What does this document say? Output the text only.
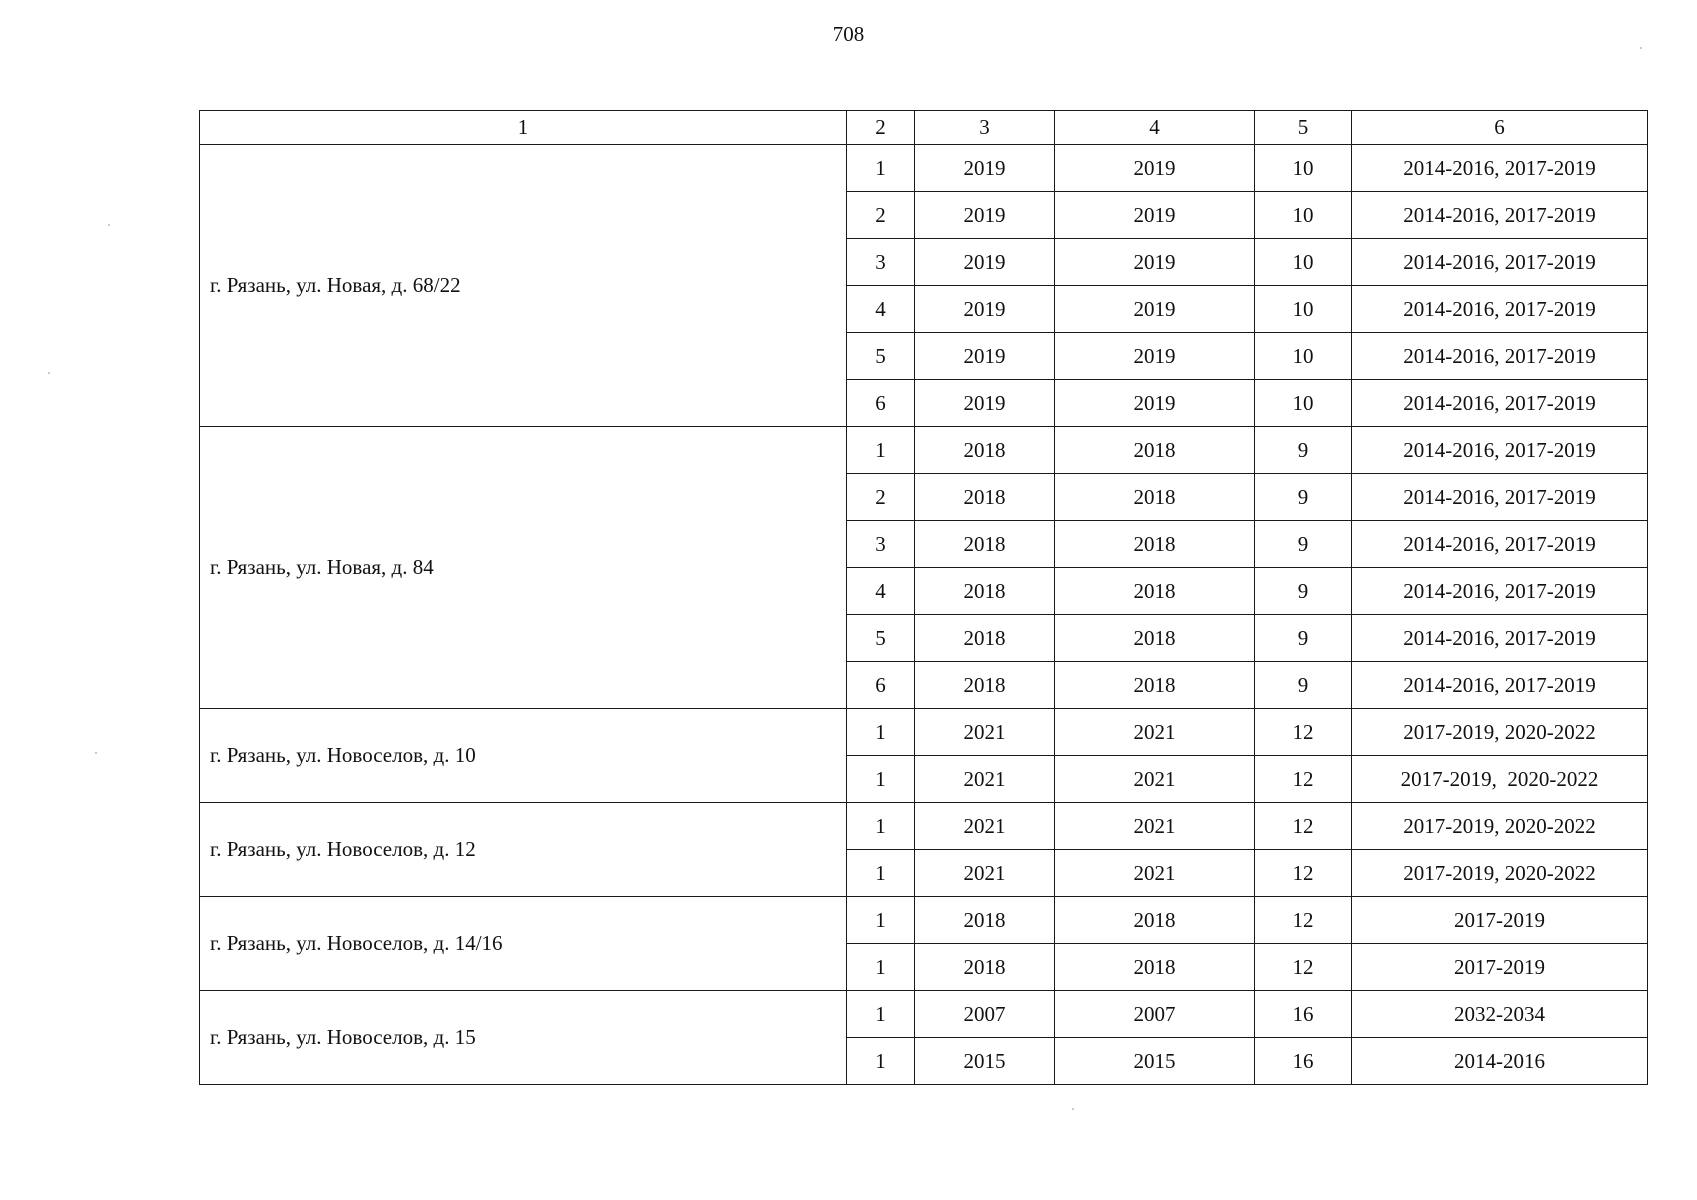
708
1	2	3	4	5	6
г. Рязань, ул. Новая, д. 68/22	1	2019	2019	10	2014-2016, 2017-2019
	2	2019	2019	10	2014-2016, 2017-2019
	3	2019	2019	10	2014-2016, 2017-2019
	4	2019	2019	10	2014-2016, 2017-2019
	5	2019	2019	10	2014-2016, 2017-2019
	6	2019	2019	10	2014-2016, 2017-2019
г. Рязань, ул. Новая, д. 84	1	2018	2018	9	2014-2016, 2017-2019
	2	2018	2018	9	2014-2016, 2017-2019
	3	2018	2018	9	2014-2016, 2017-2019
	4	2018	2018	9	2014-2016, 2017-2019
	5	2018	2018	9	2014-2016, 2017-2019
	6	2018	2018	9	2014-2016, 2017-2019
г. Рязань, ул. Новоселов, д. 10	1	2021	2021	12	2017-2019, 2020-2022
	1	2021	2021	12	2017-2019,  2020-2022
г. Рязань, ул. Новоселов, д. 12	1	2021	2021	12	2017-2019, 2020-2022
	1	2021	2021	12	2017-2019, 2020-2022
г. Рязань, ул. Новоселов, д. 14/16	1	2018	2018	12	2017-2019
	1	2018	2018	12	2017-2019
г. Рязань, ул. Новоселов, д. 15	1	2007	2007	16	2032-2034
	1	2015	2015	16	2014-2016
